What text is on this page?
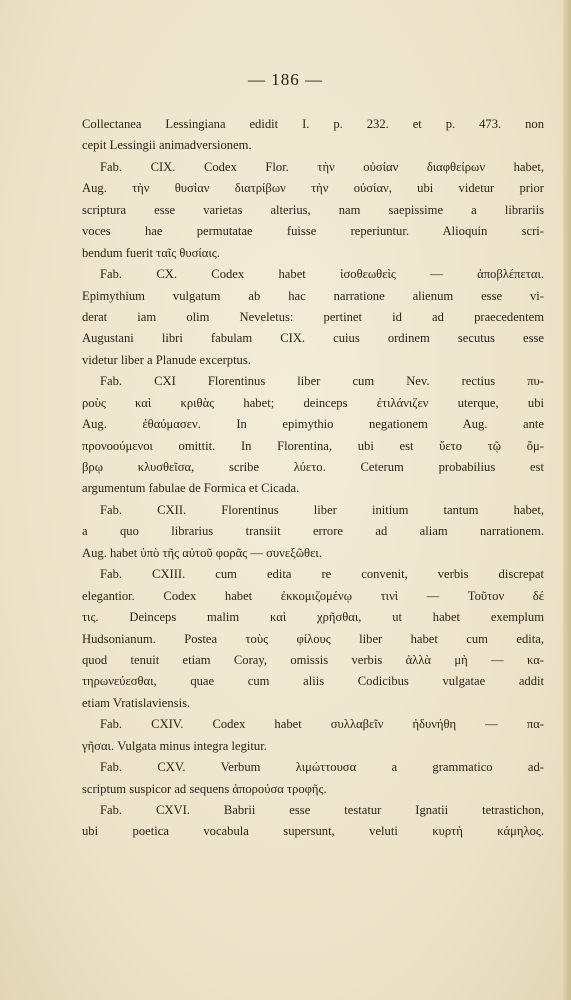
— 186 —
Collectanea Lessingiana edidit I. p. 232. et p. 473. non
cepit Lessingii animadversionem.
Fab. CIX. Codex Flor. τὴν οὐσίαν διαφθείρων habet,
Aug. τὴν θυσίαν διατρίβων τὴν οὐσίαν, ubi videtur prior
scriptura esse varietas alterius, nam saepissime a librariis
voces hae permutatae fuisse reperiuntur. Alioquin scri-
bendum fuerit ταῖς θυσίαις.
Fab. CX. Codex habet ἰσοθεωθεὶς — ἀποβλέπεται.
Epimythium vulgatum ab hac narratione alienum esse vi-
derat iam olim Neveletus: pertinet id ad praecedentem
Augustani libri fabulam CIX. cuius ordinem secutus esse
videtur liber a Planude excerptus.
Fab. CXI Florentinus liber cum Nev. rectius πυ-
ροὺς καὶ κριθὰς habet; deinceps ἐτιλάνιζεν uterque, ubi
Aug. ἐθαύμασεν. In epimythio negationem Aug. ante
προνοούμενοι omittit. In Florentina, ubi est ὕετο τῷ ὄμ-
βρῳ κλυσθεῖσα, scribe λύετο. Ceterum probabilius est
argumentum fabulae de Formica et Cicada.
Fab. CXII. Florentinus liber initium tantum habet,
a quo librarius transiit errore ad aliam narrationem.
Aug. habet ὑπὸ τῆς αὐτοῦ φορᾶς — συνεξῶθει.
Fab. CXIII. cum edita re convenit, verbis discrepat
elegantior. Codex habet ἐκκομιζομένῳ τινὶ — Τοῦτον δέ
τις. Deinceps malim καὶ χρῆσθαι, ut habet exemplum
Hudsonianum. Postea τοὺς φίλους liber habet cum edita,
quod tenuit etiam Coray, omissis verbis ἀλλὰ μὴ — κα-
τηρωνεύεσθαι, quae cum aliis Codicibus vulgatae addit
etiam Vratislaviensis.
Fab. CXIV. Codex habet συλλαβεῖν ἠδυνήθη — πα-
γῆσαι. Vulgata minus integra legitur.
Fab. CXV. Verbum λιμώττουσα a grammatico ad-
scriptum suspicor ad sequens ἀπορούσα τροφῆς.
Fab. CXVI. Babrii esse testatur Ignatii tetrastichon,
ubi poetica vocabula supersunt, veluti κυρτὴ κάμηλος.
